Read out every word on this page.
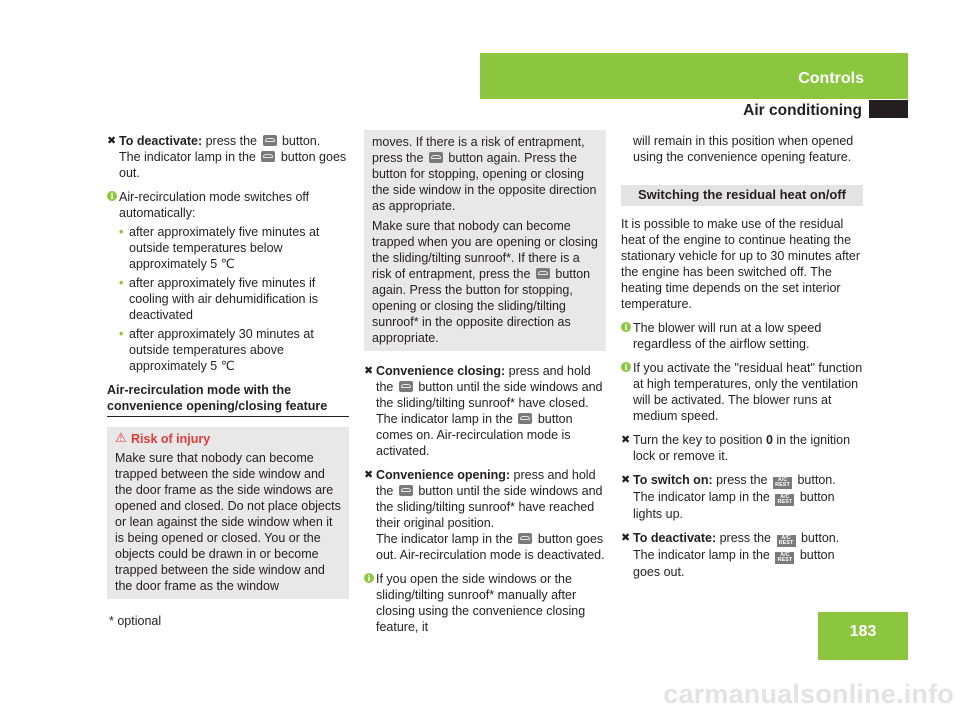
Controls
Air conditioning
✖ To deactivate: press the
button.
The indicator lamp in the
button goes out.
i Air-recirculation mode switches off automatically:
• after approximately five minutes at outside temperatures below approximately 5 ℃
• after approximately five minutes if cooling with air dehumidification is deactivated
• after approximately 30 minutes at outside temperatures above approximately 5 ℃
Air-recirculation mode with the convenience opening/closing feature
⚠ Risk of injury
Make sure that nobody can become trapped between the side window and the door frame as the side windows are opened and closed. Do not place objects or lean against the side window when it is being opened or closed. You or the objects could be drawn in or become trapped between the side window and the door frame as the window
moves. If there is a risk of entrapment, press the
button again. Press the button for stopping, opening or closing the side window in the opposite direction as appropriate.
Make sure that nobody can become trapped when you are opening or closing the sliding/tilting sunroof*. If there is a risk of entrapment, press the
button again. Press the button for stopping, opening or closing the sliding/tilting sunroof* in the opposite direction as appropriate.
✖ Convenience closing: press and hold the
button until the side windows and the sliding/tilting sunroof* have closed.
The indicator lamp in the
button comes on. Air-recirculation mode is activated.
✖ Convenience opening: press and hold the
button until the side windows and the sliding/tilting sunroof* have reached their original position.
The indicator lamp in the
button goes out. Air-recirculation mode is deactivated.
i If you open the side windows or the sliding/tilting sunroof* manually after closing using the convenience closing feature, it
will remain in this position when opened using the convenience opening feature.
Switching the residual heat on/off
It is possible to make use of the residual heat of the engine to continue heating the stationary vehicle for up to 30 minutes after the engine has been switched off. The heating time depends on the set interior temperature.
i The blower will run at a low speed regardless of the airflow setting.
i If you activate the "residual heat" function at high temperatures, only the ventilation will be activated. The blower runs at medium speed.
✖ Turn the key to position 0 in the ignition lock or remove it.
✖ To switch on: press the A/C
REST button.
The indicator lamp in the A/C
REST button lights up.
✖ To deactivate: press the A/C
REST button.
The indicator lamp in the A/C
REST button goes out.
183
* optional
carmanualsonline.info
